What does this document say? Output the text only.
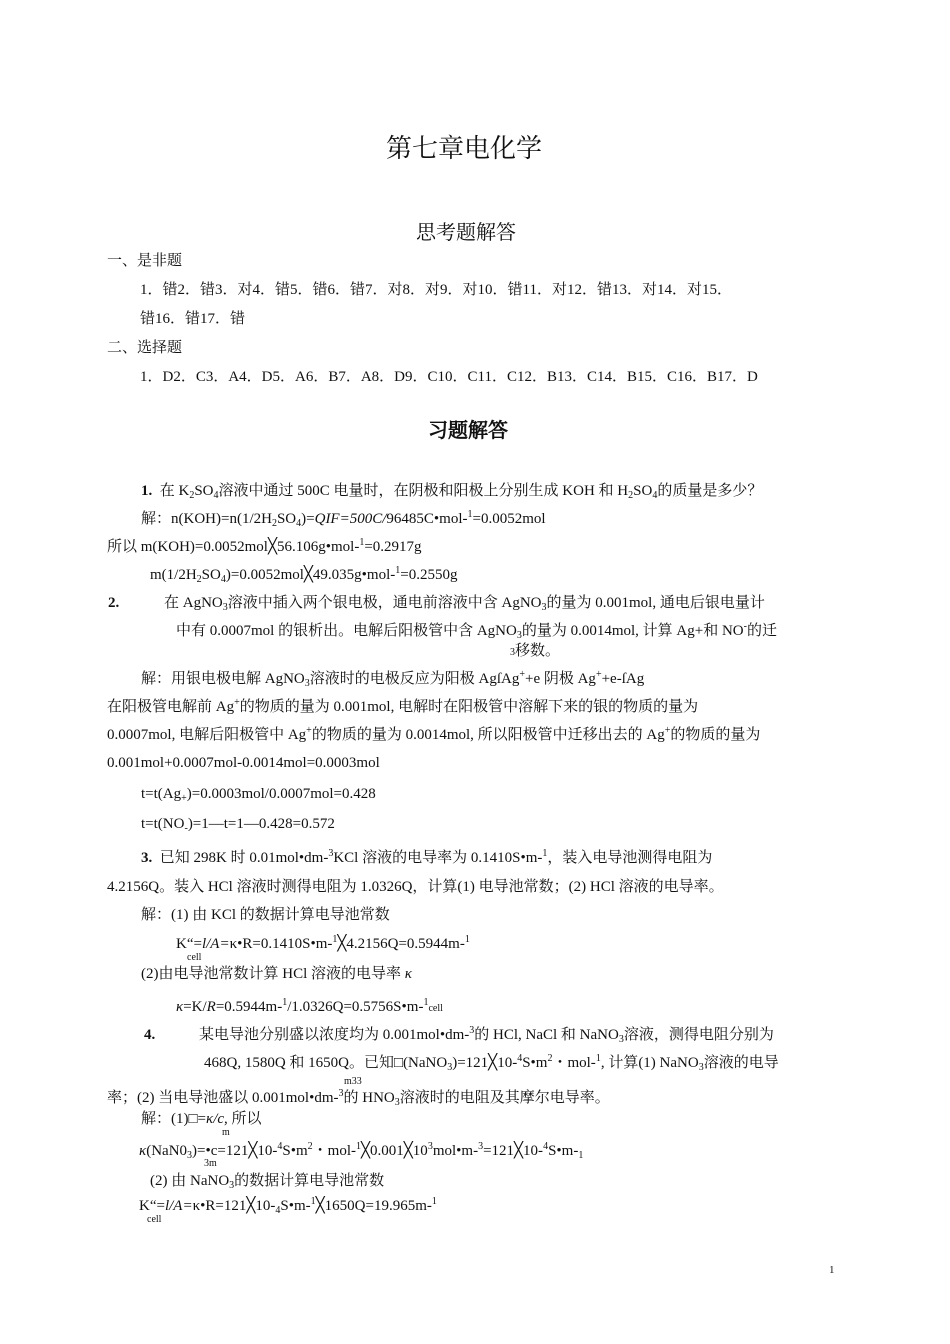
第七章电化学
思考题解答
一、是非题
1．错2．错3．对4．错5．错6．错7．对8．对9．对10．错11．对12．错13．对14．对15．
错16．错17．错
二、选择题
1．D2．C3．A4．D5．A6．B7．A8．D9．C10．C11．C12．B13．C14．B15．C16．B17．D
习题解答
1. 在 $K_2SO_4$溶液中通过 500C 电量时，在阴极和阳极上分别生成 KOH 和 $H_2SO_4$的质量是多少？
解：$n(KOH)=n(1/2H_2SO_4)=QIF=500C/96485C•mol-^1=0.0052mol$
所以 m(KOH)=0.0052mol╳56.106g•mol-$^1$=0.2917g
$m(1/2H_2SO_4)=0.0052mol╳49.035g•mol-^1=0.2550g$
2.	在 AgNO$_3$溶液中插入两个银电极，通电前溶液中含 AgNO$_3$的量为 0.001mol, 通电后银电量计
中有 0.0007mol 的银析出。电解后阳极管中含 AgNO$_3$的量为 0.0014mol, 计算 Ag+和 NO-的迁
3移数。
解：用银电极电解 AgNO$_3$溶液时的电极反应为阳极 AgſAg++e 阴极 Ag++e-ſAg
在阳极管电解前 Ag+的物质的量为 0.001mol, 电解时在阳极管中溶解下来的银的物质的量为
0.0007mol, 电解后阳极管中 Ag+的物质的量为 0.0014mol, 所以阳极管中迁移出去的 Ag+的物质的量为
0.001mol+0.0007mol-0.0014mol=0.0003mol
$t=t(Ag_+)=0.0003mol/0.0007mol=0.428$
$t=t(NO_-)=1—t=1—0.428=0.572$
3. 已知 298K 时 0.01mol•dm-$^3$KCl 溶液的电导率为 0.1410S•m-$^1$，装入电导池测得电阻为
4.2156Q。装入 HCl 溶液时测得电阻为 1.0326Q，计算(1) 电导池常数；(2) HCl 溶液的电导率。
解：(1) 由 KCl 的数据计算电导池常数
K“=l/A=κ•R=0.1410S•m-$^1$╳4.2156Q=0.5944m-$^1$
cell
(2)由电导池常数计算 HCl 溶液的电导率 κ
κ=K/R=0.5944m-$^1$/1.0326Q=0.5756S•m-$^1$cell
4.	某电导池分别盛以浓度均为 0.001mol•dm-$^3$的 HCl, NaCl 和 NaNO$_3$溶液，测得电阻分别为
468Q, 1580Q 和 1650Q。已知$□(NaNO_3)=121╳10-^4S•m^2$・mol-$^1$, 计算(1) NaNO$_3$溶液的电导
m33
率；(2) 当电导池盛以 0.001mol•dm-$^3$的 $HNO_3$溶液时的电阻及其摩尔电导率。
解：(1)□=κ/c, 所以
m
$\kappa(NaN0_3)=•c=121╳10-^4S•m^2$・mol-$^1╳0.001╳10^3mol•m-^3=121╳10-^4S•m-_1$
3m
(2) 由 NaNO$_3$的数据计算电导池常数
$K“=l/A=\kappa•R=121╳10-_4S•m-^1╳1650Q=19.965m-^1$
cell
1
